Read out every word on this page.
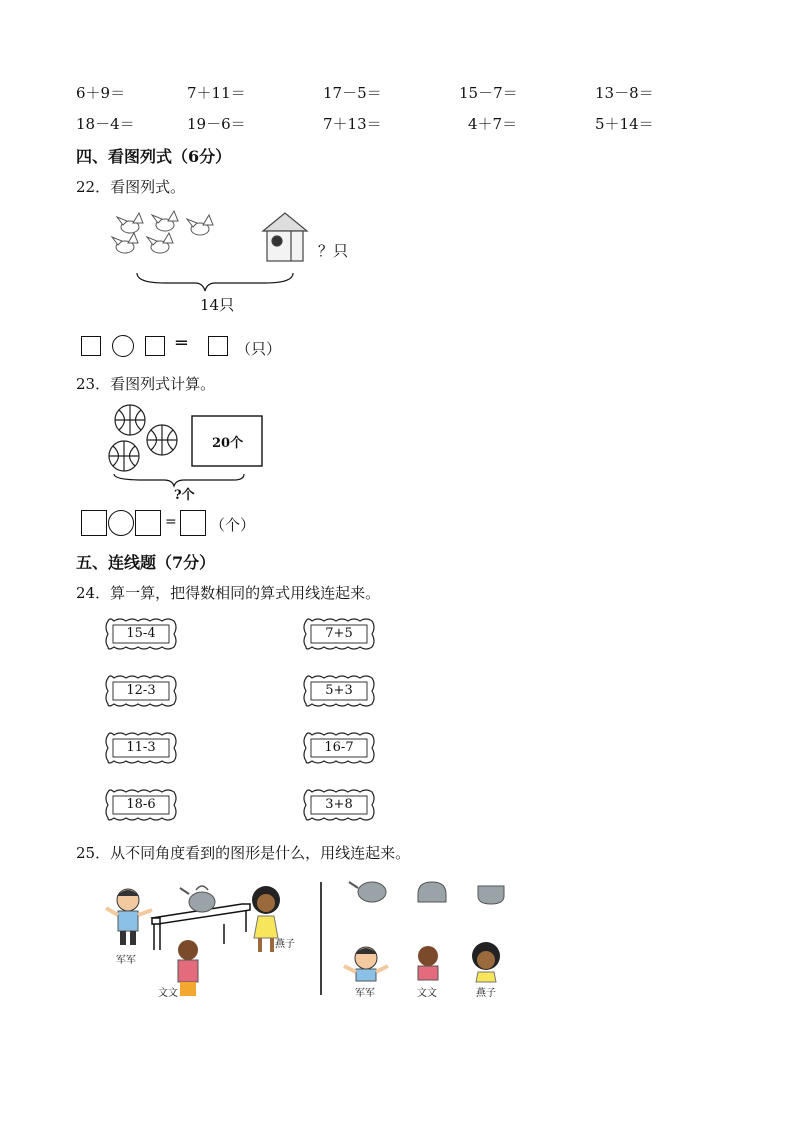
6＋9＝	7＋11＝	17－5＝	15－7＝	13－8＝
18－4＝	19－6＝	7＋13＝	4＋7＝	5＋14＝
四、看图列式（6分）
22．看图列式。
？只
14只
═	（只）
23．看图列式计算。
20个
?个
= （个）
五、连线题（7分）
24．算一算，把得数相同的算式用线连起来。
15-4
12-3
11-3
18-6
7+5
5+3
16-7
3+8
25．从不同角度看到的图形是什么，用线连起来。
军军
燕子
文文	军军	文文	燕子
